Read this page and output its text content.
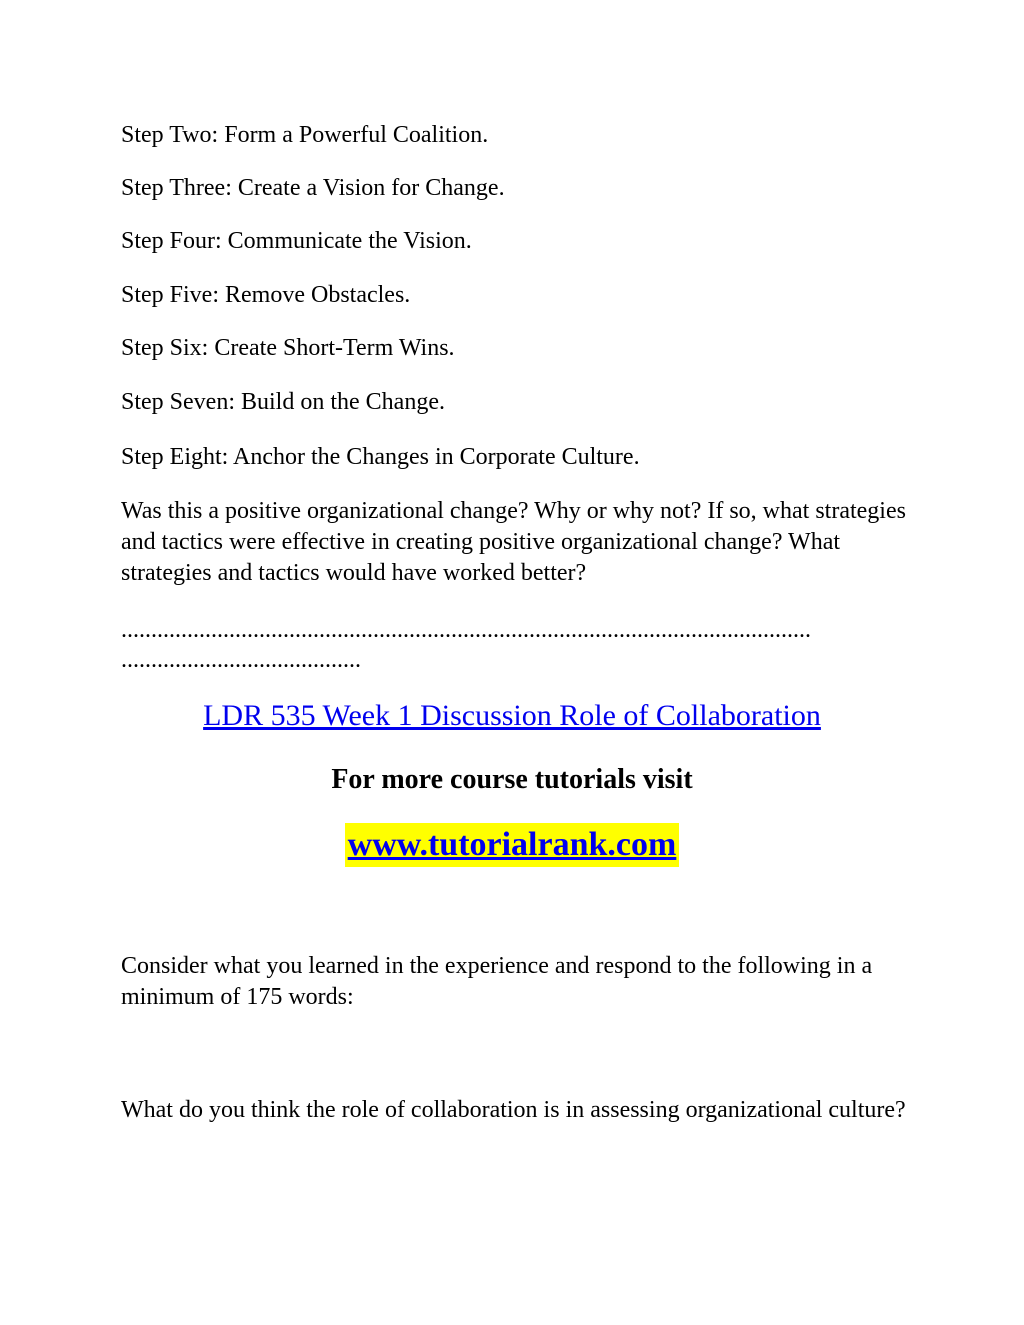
Step Two: Form a Powerful Coalition.

Step Three: Create a Vision for Change.

Step Four: Communicate the Vision.

Step Five: Remove Obstacles.

Step Six: Create Short-Term Wins.

Step Seven: Build on the Change.

Step Eight: Anchor the Changes in Corporate Culture.

Was this a positive organizational change? Why or why not? If so, what strategies and tactics were effective in creating positive organizational change? What strategies and tactics would have worked better?

...................................................................................................................

........................................

LDR 535 Week 1 Discussion Role of Collaboration

For more course tutorials visit

www.tutorialrank.com

Consider what you learned in the experience and respond to the following in a minimum of 175 words:

What do you think the role of collaboration is in assessing organizational culture?
